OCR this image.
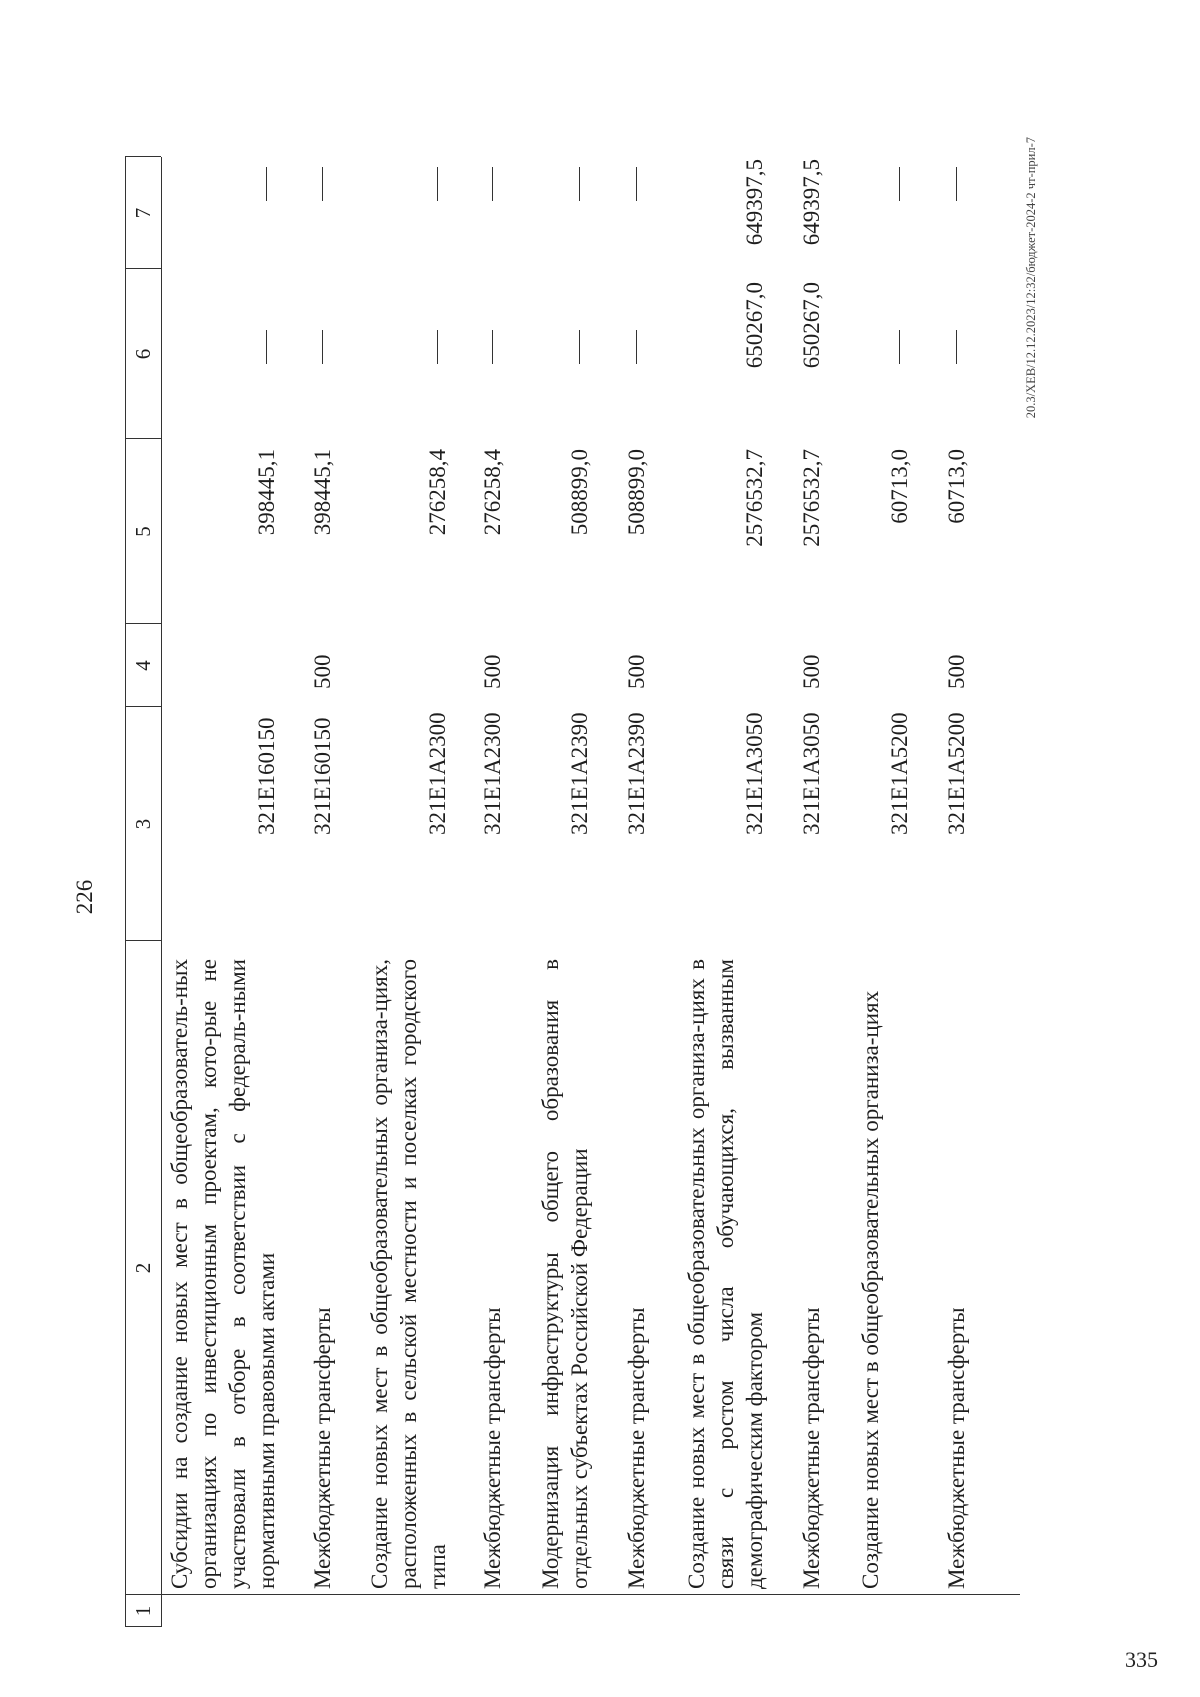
226
1
2
3
4
5
6
7
Субсидии на создание новых мест в общеобразователь-ных организациях по инвестиционным проектам, кото-рые не участвовали в отборе в соответствии с федераль-ными нормативными правовыми актами
321E160150
398445,1
Межбюджетные трансферты
321E160150
500
398445,1
Создание новых мест в общеобразовательных организа-циях, расположенных в сельской местности и поселках городского типа
321E1A2300
276258,4
Межбюджетные трансферты
321E1A2300
500
276258,4
Модернизация инфраструктуры общего образования в отдельных субъектах Российской Федерации
321E1A2390
508899,0
Межбюджетные трансферты
321E1A2390
500
508899,0
Создание новых мест в общеобразовательных организа-циях в связи с ростом числа обучающихся, вызванным демографическим фактором
321E1A3050
2576532,7
650267,0
649397,5
Межбюджетные трансферты
321E1A3050
500
2576532,7
650267,0
649397,5
Создание новых мест в общеобразовательных организа-циях
321E1A5200
60713,0
Межбюджетные трансферты
321E1A5200
500
60713,0
20.3/XEB/12.12.2023/12:32/бюджет-2024-2 чт-прил-7
335
